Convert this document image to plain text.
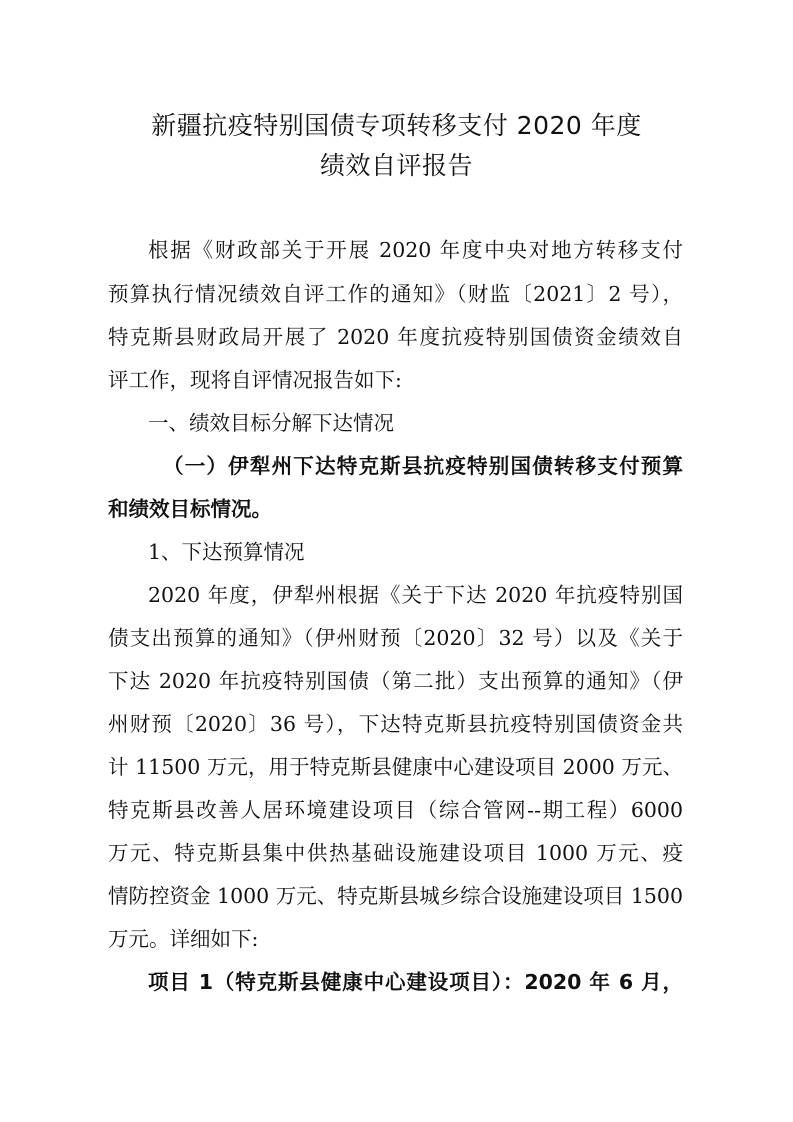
新疆抗疫特别国债专项转移支付 2020 年度
绩效自评报告
根据《财政部关于开展 2020 年度中央对地方转移支付
预算执行情况绩效自评工作的通知》（财监〔2021〕2 号），
特克斯县财政局开展了 2020 年度抗疫特别国债资金绩效自
评工作，现将自评情况报告如下:
一、绩效目标分解下达情况
（一）伊犁州下达特克斯县抗疫特别国债转移支付预算
和绩效目标情况。
1、下达预算情况
2020 年度，伊犁州根据《关于下达 2020 年抗疫特别国
债支出预算的通知》（伊州财预〔2020〕32 号）以及《关于
下达 2020 年抗疫特别国债（第二批）支出预算的通知》（伊
州财预〔2020〕36 号），下达特克斯县抗疫特别国债资金共
计 11500 万元，用于特克斯县健康中心建设项目 2000 万元、
特克斯县改善人居环境建设项目（综合管网--期工程）6000
万元、特克斯县集中供热基础设施建设项目 1000 万元、疫
情防控资金 1000 万元、特克斯县城乡综合设施建设项目 1500
万元。详细如下:
项目 1（特克斯县健康中心建设项目）：2020 年 6 月，
